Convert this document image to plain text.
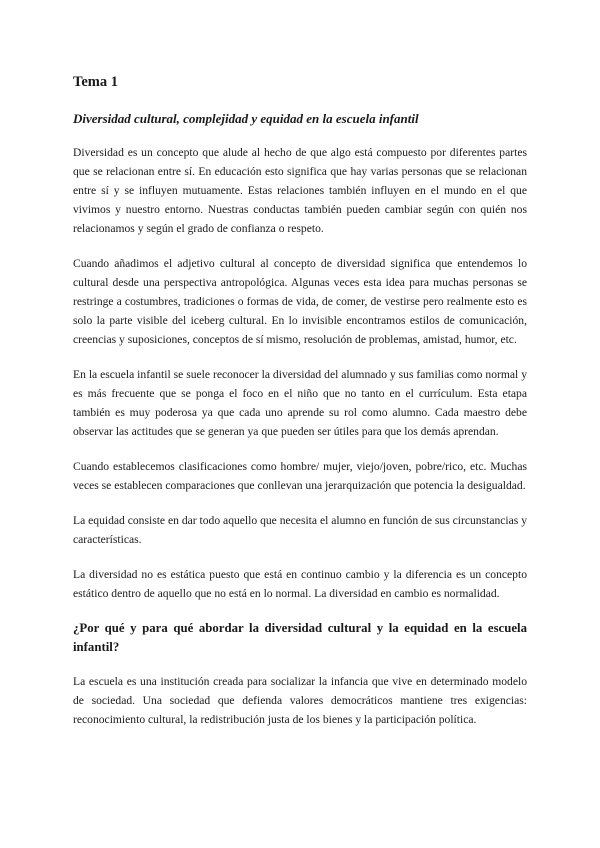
Tema 1
Diversidad cultural, complejidad y equidad en la escuela infantil

Diversidad es un concepto que alude al hecho de que algo está compuesto por diferentes partes que se relacionan entre sí. En educación esto significa que hay varias personas que se relacionan entre sí y se influyen mutuamente. Estas relaciones también influyen en el mundo en el que vivimos y nuestro entorno. Nuestras conductas también pueden cambiar según con quién nos relacionamos y según el grado de confianza o respeto.

Cuando añadimos el adjetivo cultural al concepto de diversidad significa que entendemos lo cultural desde una perspectiva antropológica. Algunas veces esta idea para muchas personas se restringe a costumbres, tradiciones o formas de vida, de comer, de vestirse pero realmente esto es solo la parte visible del iceberg cultural. En lo invisible encontramos estilos de comunicación, creencias y suposiciones, conceptos de sí mismo, resolución de problemas, amistad, humor, etc.

En la escuela infantil se suele reconocer la diversidad del alumnado y sus familias como normal y es más frecuente que se ponga el foco en el niño que no tanto en el currículum. Esta etapa también es muy poderosa ya que cada uno aprende su rol como alumno. Cada maestro debe observar las actitudes que se generan ya que pueden ser útiles para que los demás aprendan.

Cuando establecemos clasificaciones como hombre/ mujer, viejo/joven, pobre/rico, etc. Muchas veces se establecen comparaciones que conllevan una jerarquización que potencia la desigualdad.

La equidad consiste en dar todo aquello que necesita el alumno en función de sus circunstancias y características.

La diversidad no es estática puesto que está en continuo cambio y la diferencia es un concepto estático dentro de aquello que no está en lo normal. La diversidad en cambio es normalidad.

¿Por qué y para qué abordar la diversidad cultural y la equidad en la escuela infantil?

La escuela es una institución creada para socializar la infancia que vive en determinado modelo de sociedad. Una sociedad que defienda valores democráticos mantiene tres exigencias: reconocimiento cultural, la redistribución justa de los bienes y la participación política.
